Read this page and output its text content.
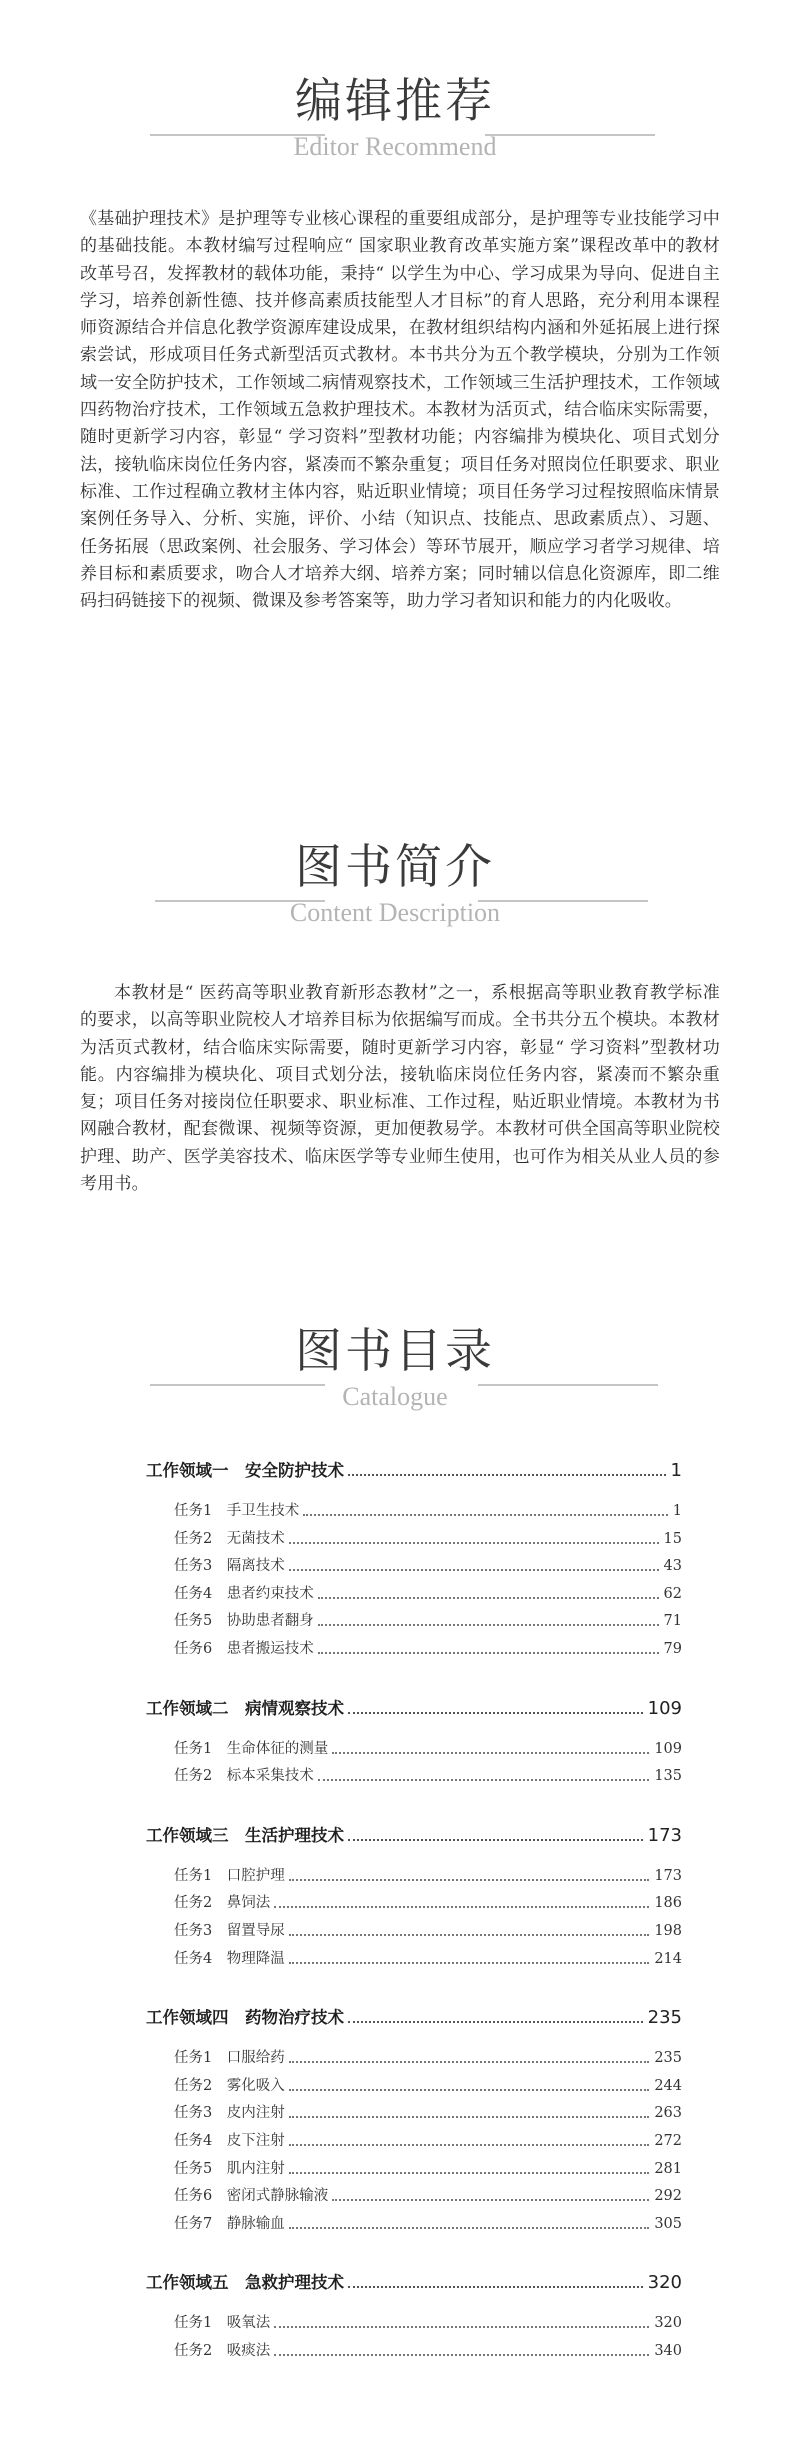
编辑推荐
Editor Recommend

《基础护理技术》是护理等专业核心课程的重要组成部分，是护理等专业技能学习中的基础技能。本教材编写过程响应“ 国家职业教育改革实施方案”课程改革中的教材改革号召，发挥教材的载体功能，秉持“ 以学生为中心、学习成果为导向、促进自主学习，培养创新性德、技并修高素质技能型人才目标”的育人思路，充分利用本课程师资源结合并信息化教学资源库建设成果，在教材组织结构内涵和外延拓展上进行探索尝试，形成项目任务式新型活页式教材。本书共分为五个教学模块，分别为工作领域一安全防护技术，工作领域二病情观察技术，工作领域三生活护理技术，工作领域四药物治疗技术，工作领域五急救护理技术。本教材为活页式，结合临床实际需要，随时更新学习内容，彰显“ 学习资料”型教材功能；内容编排为模块化、项目式划分法，接轨临床岗位任务内容，紧凑而不繁杂重复；项目任务对照岗位任职要求、职业标准、工作过程确立教材主体内容，贴近职业情境；项目任务学习过程按照临床情景案例任务导入、分析、实施，评价、小结（知识点、技能点、思政素质点）、习题、任务拓展（思政案例、社会服务、学习体会）等环节展开，顺应学习者学习规律、培养目标和素质要求，吻合人才培养大纲、培养方案；同时辅以信息化资源库，即二维码扫码链接下的视频、微课及参考答案等，助力学习者知识和能力的内化吸收。

图书简介
Content Description

本教材是“ 医药高等职业教育新形态教材”之一，系根据高等职业教育教学标准的要求，以高等职业院校人才培养目标为依据编写而成。全书共分五个模块。本教材为活页式教材，结合临床实际需要，随时更新学习内容，彰显“ 学习资料”型教材功能。内容编排为模块化、项目式划分法，接轨临床岗位任务内容，紧凑而不繁杂重复；项目任务对接岗位任职要求、职业标准、工作过程，贴近职业情境。本教材为书网融合教材，配套微课、视频等资源，更加便教易学。本教材可供全国高等职业院校护理、助产、医学美容技术、临床医学等专业师生使用，也可作为相关从业人员的参考用书。

图书目录
Catalogue
工作领域一　安全防护技术	1
任务1　手卫生技术	1
任务2　无菌技术	15
任务3　隔离技术	43
任务4　患者约束技术	62
任务5　协助患者翻身	71
任务6　患者搬运技术	79
工作领域二　病情观察技术	109
任务1　生命体征的测量	109
任务2　标本采集技术	135
工作领域三　生活护理技术	173
任务1　口腔护理	173
任务2　鼻饲法	186
任务3　留置导尿	198
任务4　物理降温	214
工作领域四　药物治疗技术	235
任务1　口服给药	235
任务2　雾化吸入	244
任务3　皮内注射	263
任务4　皮下注射	272
任务5　肌内注射	281
任务6　密闭式静脉输液	292
任务7　静脉输血	305
工作领域五　急救护理技术	320
任务1　吸氧法	320
任务2　吸痰法	340
